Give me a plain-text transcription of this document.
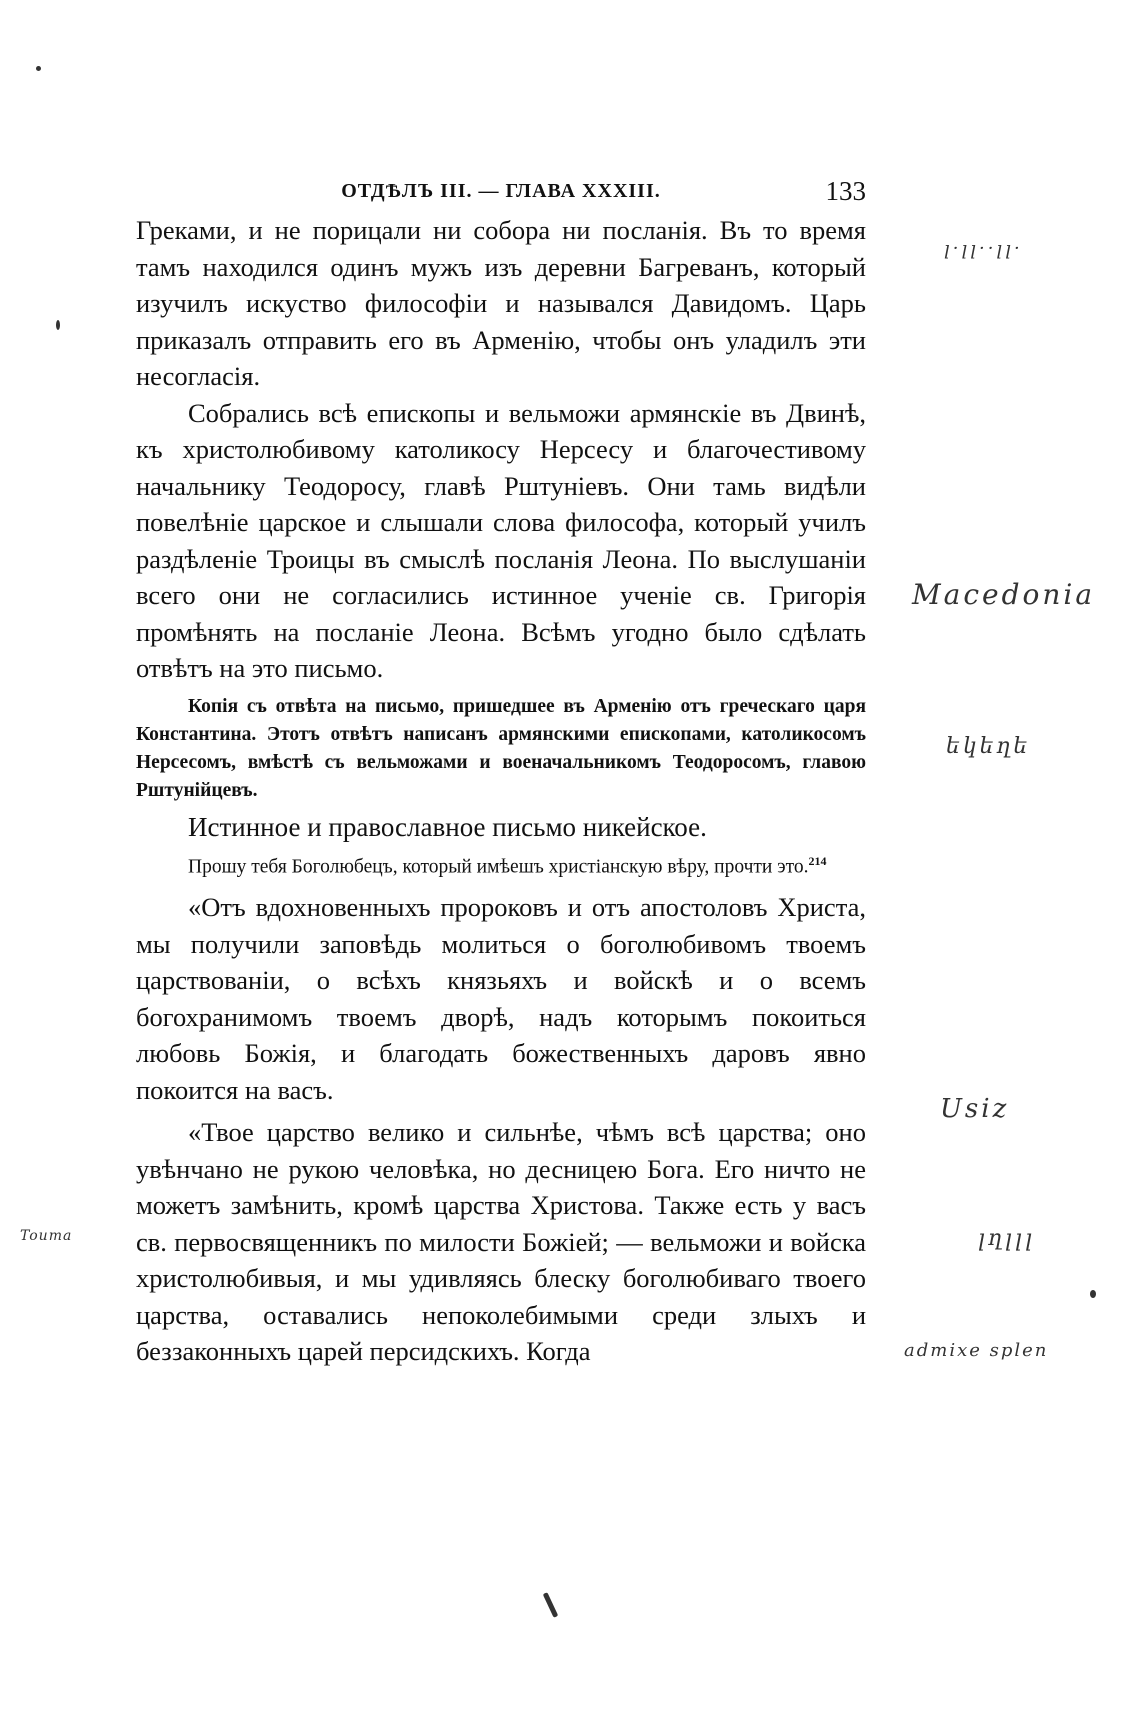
ОТДѢЛЪ III. — ГЛАВА XXXIII.	133

Греками, и не порицали ни собора ни посланія. Въ то время тамъ находился одинъ мужъ изъ деревни Багреванъ, который изучилъ искуство философіи и назывался Давидомъ. Царь приказалъ отправить его въ Арменію, чтобы онъ уладилъ эти несогласія.

Собрались всѣ епископы и вельможи армянскіе въ Двинѣ, къ христолюбивому католикосу Нерсесу и благочестивому начальнику Теодоросу, главѣ Рштуніевъ. Они тамь видѣли повелѣніе царское и слышали слова философа, который училъ раздѣленіе Троицы въ смыслѣ посланія Леона. По выслушаніи всего они не согласились истинное ученіе св. Григорія промѣнять на посланіе Леона. Всѣмъ угодно было сдѣлать отвѣтъ на это письмо.

Копія съ отвѣта на письмо, пришедшее въ Арменію отъ греческаго царя Константина. Этотъ отвѣтъ написанъ армянскими епископами, католикосомъ Нерсесомъ, вмѣстѣ съ вельможами и военачальникомъ Теодоросомъ, главою Рштунійцевъ.

Истинное и православное письмо никейское.

Прошу тебя Боголюбецъ, который имѣешъ христіанскую вѣру, прочти это.$^{214}$

«Отъ вдохновенныхъ пророковъ и отъ апостоловъ Христа, мы получили заповѣдь молиться о боголюбивомъ твоемъ царствованіи, о всѣхъ князьяхъ и войскѣ и о всемъ богохранимомъ твоемъ дворѣ, надъ которымъ покоиться любовь Божія, и благодать божественныхъ даровъ явно покоится на васъ.

«Твое царство велико и сильнѣе, чѣмъ всѣ царства; оно увѣнчано не рукою человѣка, но десницею Бога. Его ничто не можетъ замѣнить, кромѣ царства Христова. Также есть у васъ св. первосвященникъ по милости Божіей; — вельможи и войска христолюбивыя, и мы удивляясь блеску боголюбиваго твоего царства, оставались непоколебимыми среди злыхъ и беззаконныхъ царей персидскихъ. Когда

ꞁ·ꞁꞁ··ꞁꞁ·
Macedonia
եկեղե
Usiz
Touma	ꞁղꞁꞁꞁ
admixe splen
